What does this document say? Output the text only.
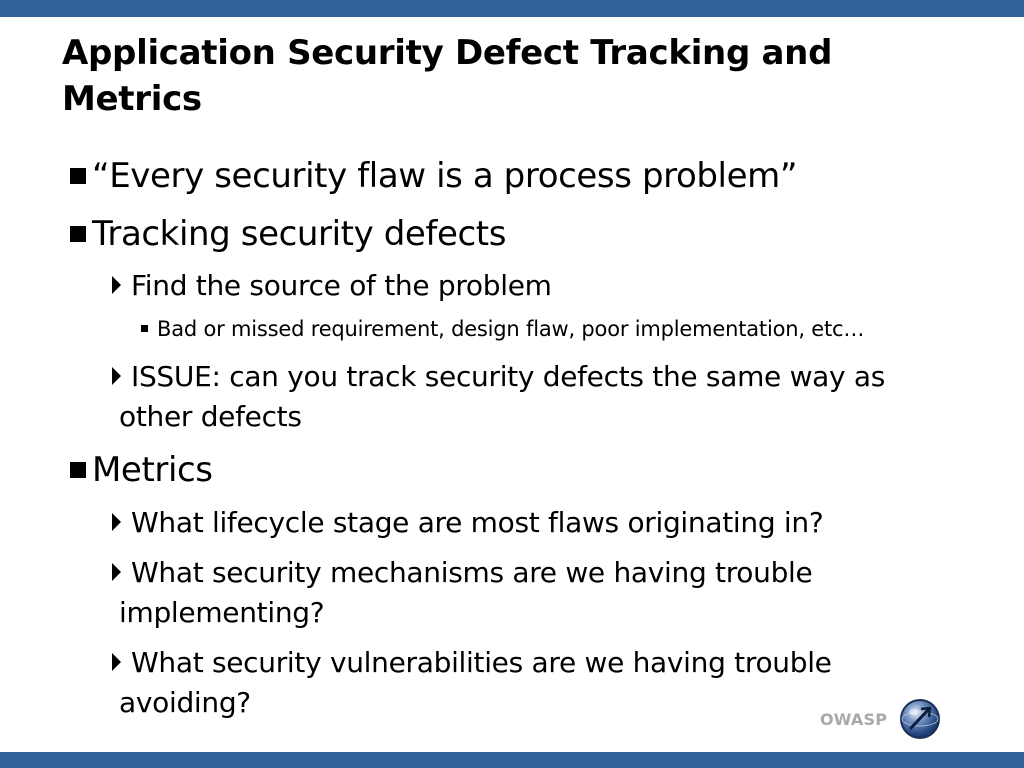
Application Security Defect Tracking and Metrics
“Every security flaw is a process problem”
Tracking security defects
Find the source of the problem
Bad or missed requirement, design flaw, poor implementation, etc…
ISSUE: can you track security defects the same way as
other defects
Metrics
What lifecycle stage are most flaws originating in?
What security mechanisms are we having trouble
implementing?
What security vulnerabilities are we having trouble
avoiding?	OWASP
